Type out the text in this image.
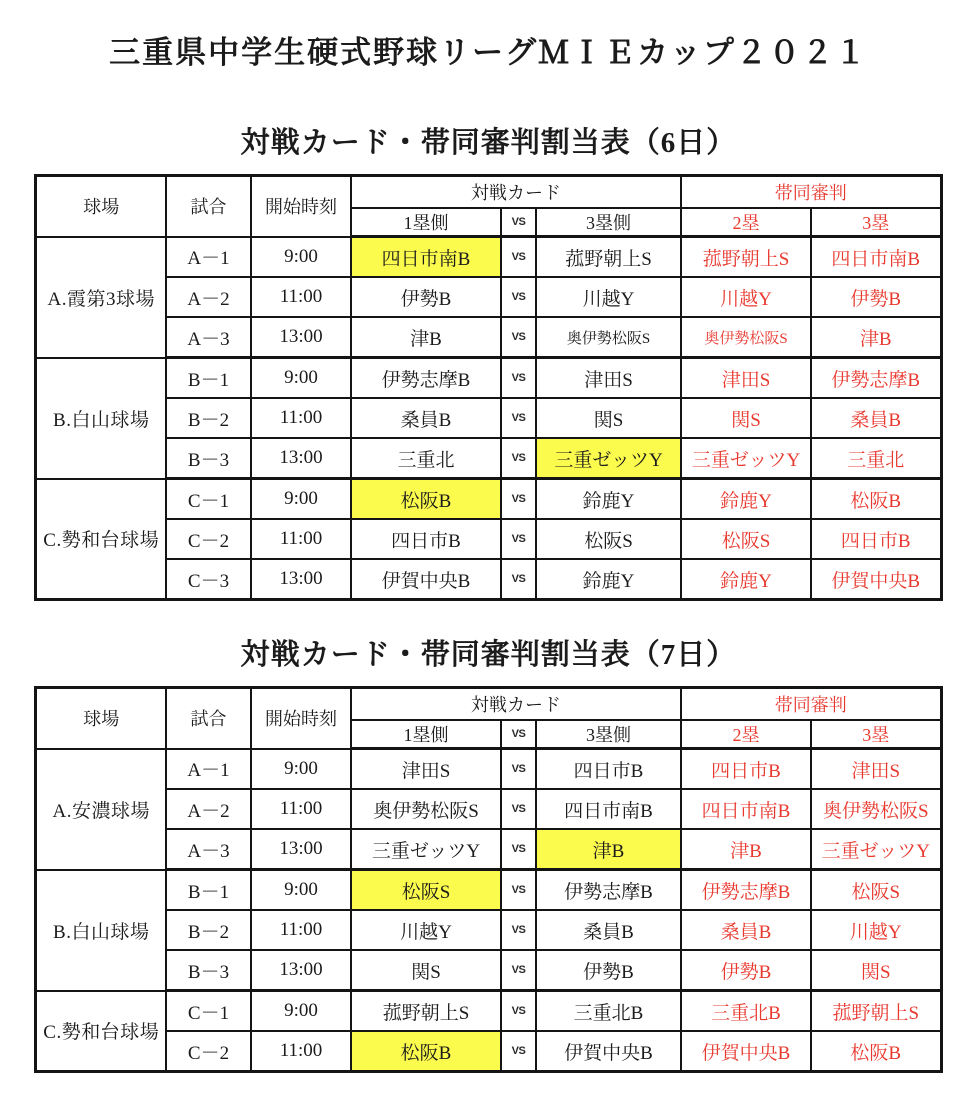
三重県中学生硬式野球リーグＭＩＥカップ２０２１
対戦カード・帯同審判割当表（6日）
球場	試合	開始時刻	対戦カード			帯同審判	
			1塁側	VS	3塁側	2塁	3塁
A.霞第3球場	A－1	9:00	四日市南B	VS	菰野朝上S	菰野朝上S	四日市南B
	A－2	11:00	伊勢B	VS	川越Y	川越Y	伊勢B
	A－3	13:00	津B	VS	奥伊勢松阪S	奥伊勢松阪S	津B
B.白山球場	B－1	9:00	伊勢志摩B	VS	津田S	津田S	伊勢志摩B
	B－2	11:00	桑員B	VS	関S	関S	桑員B
	B－3	13:00	三重北	VS	三重ゼッツY	三重ゼッツY	三重北
C.勢和台球場	C－1	9:00	松阪B	VS	鈴鹿Y	鈴鹿Y	松阪B
	C－2	11:00	四日市B	VS	松阪S	松阪S	四日市B
	C－3	13:00	伊賀中央B	VS	鈴鹿Y	鈴鹿Y	伊賀中央B
対戦カード・帯同審判割当表（7日）
球場	試合	開始時刻	対戦カード			帯同審判	
			1塁側	VS	3塁側	2塁	3塁
A.安濃球場	A－1	9:00	津田S	VS	四日市B	四日市B	津田S
	A－2	11:00	奥伊勢松阪S	VS	四日市南B	四日市南B	奥伊勢松阪S
	A－3	13:00	三重ゼッツY	VS	津B	津B	三重ゼッツY
B.白山球場	B－1	9:00	松阪S	VS	伊勢志摩B	伊勢志摩B	松阪S
	B－2	11:00	川越Y	VS	桑員B	桑員B	川越Y
	B－3	13:00	関S	VS	伊勢B	伊勢B	関S
C.勢和台球場	C－1	9:00	菰野朝上S	VS	三重北B	三重北B	菰野朝上S
	C－2	11:00	松阪B	VS	伊賀中央B	伊賀中央B	松阪B
